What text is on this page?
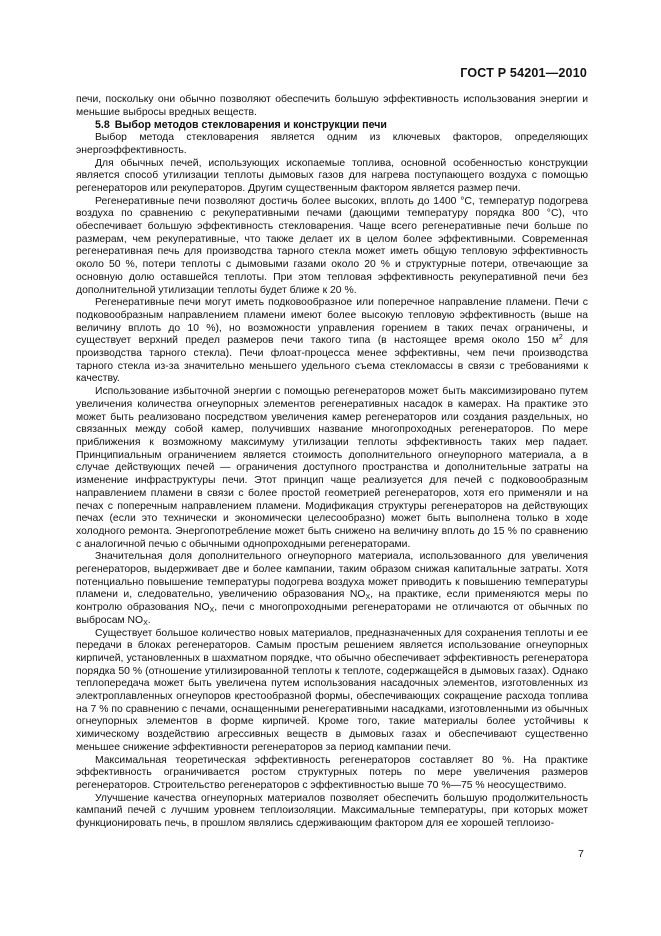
ГОСТ Р 54201—2010

печи, поскольку они обычно позволяют обеспечить большую эффективность использования энергии и меньшие выбросы вредных веществ.

5.8 Выбор методов стекловарения и конструкции печи

Выбор метода стекловарения является одним из ключевых факторов, определяющих энергоэффективность.

Для обычных печей, использующих ископаемые топлива, основной особенностью конструкции является способ утилизации теплоты дымовых газов для нагрева поступающего воздуха с помощью регенераторов или рекуператоров. Другим существенным фактором является размер печи.

Регенеративные печи позволяют достичь более высоких, вплоть до 1400 °C, температур подогрева воздуха по сравнению с рекуперативными печами (дающими температуру порядка 800 °C), что обеспечивает большую эффективность стекловарения. Чаще всего регенеративные печи больше по размерам, чем рекуперативные, что также делает их в целом более эффективными. Современная регенеративная печь для производства тарного стекла может иметь общую тепловую эффективность около 50 %, потери теплоты с дымовыми газами около 20 % и структурные потери, отвечающие за основную долю оставшейся теплоты. При этом тепловая эффективность рекуперативной печи без дополнительной утилизации теплоты будет ближе к 20 %.

Регенеративные печи могут иметь подковообразное или поперечное направление пламени. Печи с подковообразным направлением пламени имеют более высокую тепловую эффективность (выше на величину вплоть до 10 %), но возможности управления горением в таких печах ограничены, и существует верхний предел размеров печи такого типа (в настоящее время около 150 $м^2$ для производства тарного стекла). Печи флоат-процесса менее эффективны, чем печи производства тарного стекла из-за значительно меньшего удельного съема стекломассы в связи с требованиями к качеству.

Использование избыточной энергии с помощью регенераторов может быть максимизировано путем увеличения количества огнеупорных элементов регенеративных насадок в камерах. На практике это может быть реализовано посредством увеличения камер регенераторов или создания раздельных, но связанных между собой камер, получивших название многопроходных регенераторов. По мере приближения к возможному максимуму утилизации теплоты эффективность таких мер падает. Принципиальным ограничением является стоимость дополнительного огнеупорного материала, а в случае действующих печей — ограничения доступного пространства и дополнительные затраты на изменение инфраструктуры печи. Этот принцип чаще реализуется для печей с подковообразным направлением пламени в связи с более простой геометрией регенераторов, хотя его применяли и на печах с поперечным направлением пламени. Модификация структуры регенераторов на действующих печах (если это технически и экономически целесообразно) может быть выполнена только в ходе холодного ремонта. Энергопотребление может быть снижено на величину вплоть до 15 % по сравнению с аналогичной печью с обычными однопроходными регенераторами.

Значительная доля дополнительного огнеупорного материала, использованного для увеличения регенераторов, выдерживает две и более кампании, таким образом снижая капитальные затраты. Хотя потенциально повышение температуры подогрева воздуха может приводить к повышению температуры пламени и, следовательно, увеличению образования $NO_X$, на практике, если применяются меры по контролю образования $NO_X$, печи с многопроходными регенераторами не отличаются от обычных по выбросам $NO_X$.

Существует большое количество новых материалов, предназначенных для сохранения теплоты и ее передачи в блоках регенераторов. Самым простым решением является использование огнеупорных кирпичей, установленных в шахматном порядке, что обычно обеспечивает эффективность регенератора порядка 50 % (отношение утилизированной теплоты к теплоте, содержащейся в дымовых газах). Однако теплопередача может быть увеличена путем использования насадочных элементов, изготовленных из электроплавленных огнеупоров крестообразной формы, обеспечивающих сокращение расхода топлива на 7 % по сравнению с печами, оснащенными ренегеративными насадками, изготовленными из обычных огнеупорных элементов в форме кирпичей. Кроме того, такие материалы более устойчивы к химическому воздействию агрессивных веществ в дымовых газах и обеспечивают существенно меньшее снижение эффективности регенераторов за период кампании печи.

Максимальная теоретическая эффективность регенераторов составляет 80 %. На практике эффективность ограничивается ростом структурных потерь по мере увеличения размеров регенераторов. Строительство регенераторов с эффективностью выше 70 %—75 % неосуществимо.

Улучшение качества огнеупорных материалов позволяет обеспечить большую продолжительность кампаний печей с лучшим уровнем теплоизоляции. Максимальные температуры, при которых может функционировать печь, в прошлом являлись сдерживающим фактором для ее хорошей теплоизо-

7
